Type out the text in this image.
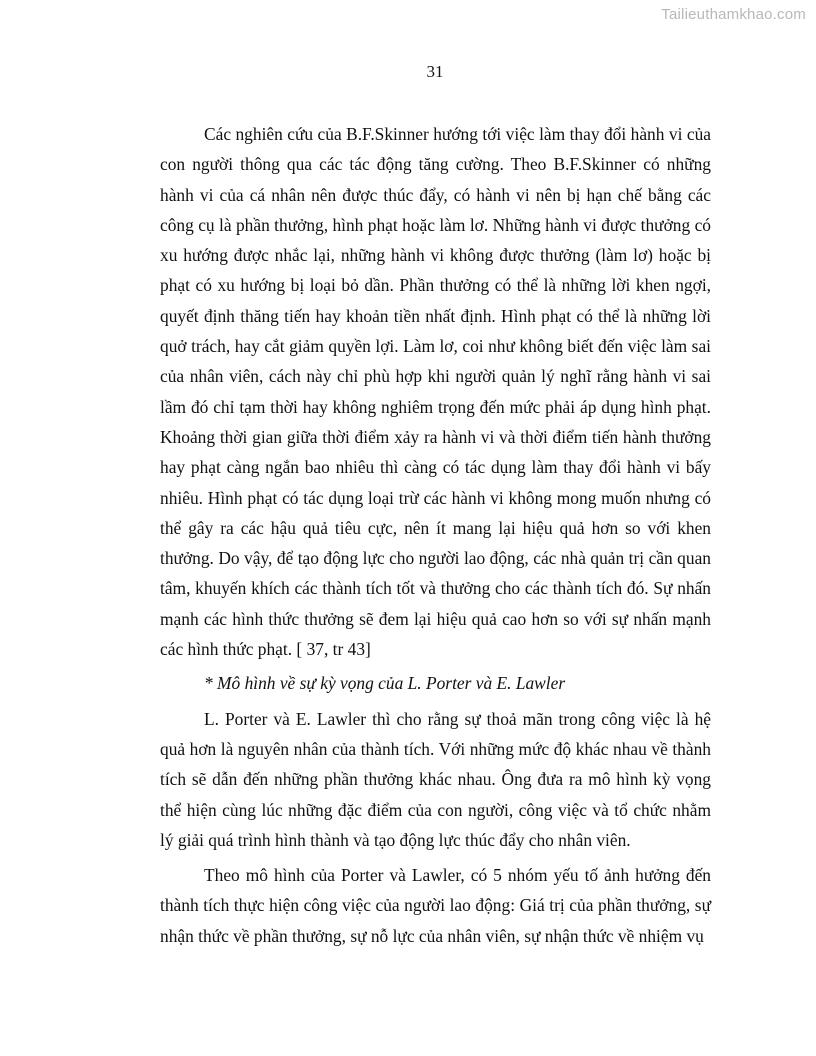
Tailieuthamkhao.com
31

Các nghiên cứu của B.F.Skinner hướng tới việc làm thay đổi hành vi của con người thông qua các tác động tăng cường. Theo B.F.Skinner có những hành vi của cá nhân nên được thúc đẩy, có hành vi nên bị hạn chế bằng các công cụ là phần thưởng, hình phạt hoặc làm lơ. Những hành vi được thưởng có xu hướng được nhắc lại, những hành vi không được thưởng (làm lơ) hoặc bị phạt có xu hướng bị loại bỏ dần. Phần thưởng có thể là những lời khen ngợi, quyết định thăng tiến hay khoản tiền nhất định. Hình phạt có thể là những lời quở trách, hay cắt giảm quyền lợi. Làm lơ, coi như không biết đến việc làm sai của nhân viên, cách này chỉ phù hợp khi người quản lý nghĩ rằng hành vi sai lầm đó chỉ tạm thời hay không nghiêm trọng đến mức phải áp dụng hình phạt. Khoảng thời gian giữa thời điểm xảy ra hành vi và thời điểm tiến hành thưởng hay phạt càng ngắn bao nhiêu thì càng có tác dụng làm thay đổi hành vi bấy nhiêu. Hình phạt có tác dụng loại trừ các hành vi không mong muốn nhưng có thể gây ra các hậu quả tiêu cực, nên ít mang lại hiệu quả hơn so với khen thưởng. Do vậy, để tạo động lực cho người lao động, các nhà quản trị cần quan tâm, khuyến khích các thành tích tốt và thưởng cho các thành tích đó. Sự nhấn mạnh các hình thức thưởng sẽ đem lại hiệu quả cao hơn so với sự nhấn mạnh các hình thức phạt. [ 37, tr 43]

* Mô hình về sự kỳ vọng của L. Porter và E. Lawler

L. Porter và E. Lawler thì cho rằng sự thoả mãn trong công việc là hệ quả hơn là nguyên nhân của thành tích. Với những mức độ khác nhau về thành tích sẽ dẫn đến những phần thưởng khác nhau. Ông đưa ra mô hình kỳ vọng thể hiện cùng lúc những đặc điểm của con người, công việc và tổ chức nhằm lý giải quá trình hình thành và tạo động lực thúc đẩy cho nhân viên.

Theo mô hình của Porter và Lawler, có 5 nhóm yếu tố ảnh hưởng đến thành tích thực hiện công việc của người lao động: Giá trị của phần thưởng, sự nhận thức về phần thưởng, sự nỗ lực của nhân viên, sự nhận thức về nhiệm vụ
